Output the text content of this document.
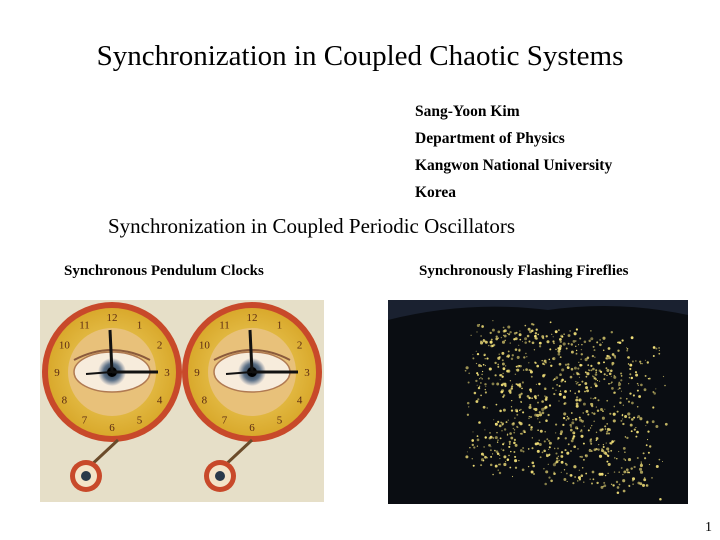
Synchronization in Coupled Chaotic Systems
Sang-Yoon Kim
Department of Physics
Kangwon National University
Korea
Synchronization in Coupled Periodic Oscillators
Synchronous Pendulum Clocks	Synchronously Flashing Fireflies
12
1
2
3
4
5
6
7
8
9
10
11
12
1
2
3
4
5
6
7
8
9
10
11
1
